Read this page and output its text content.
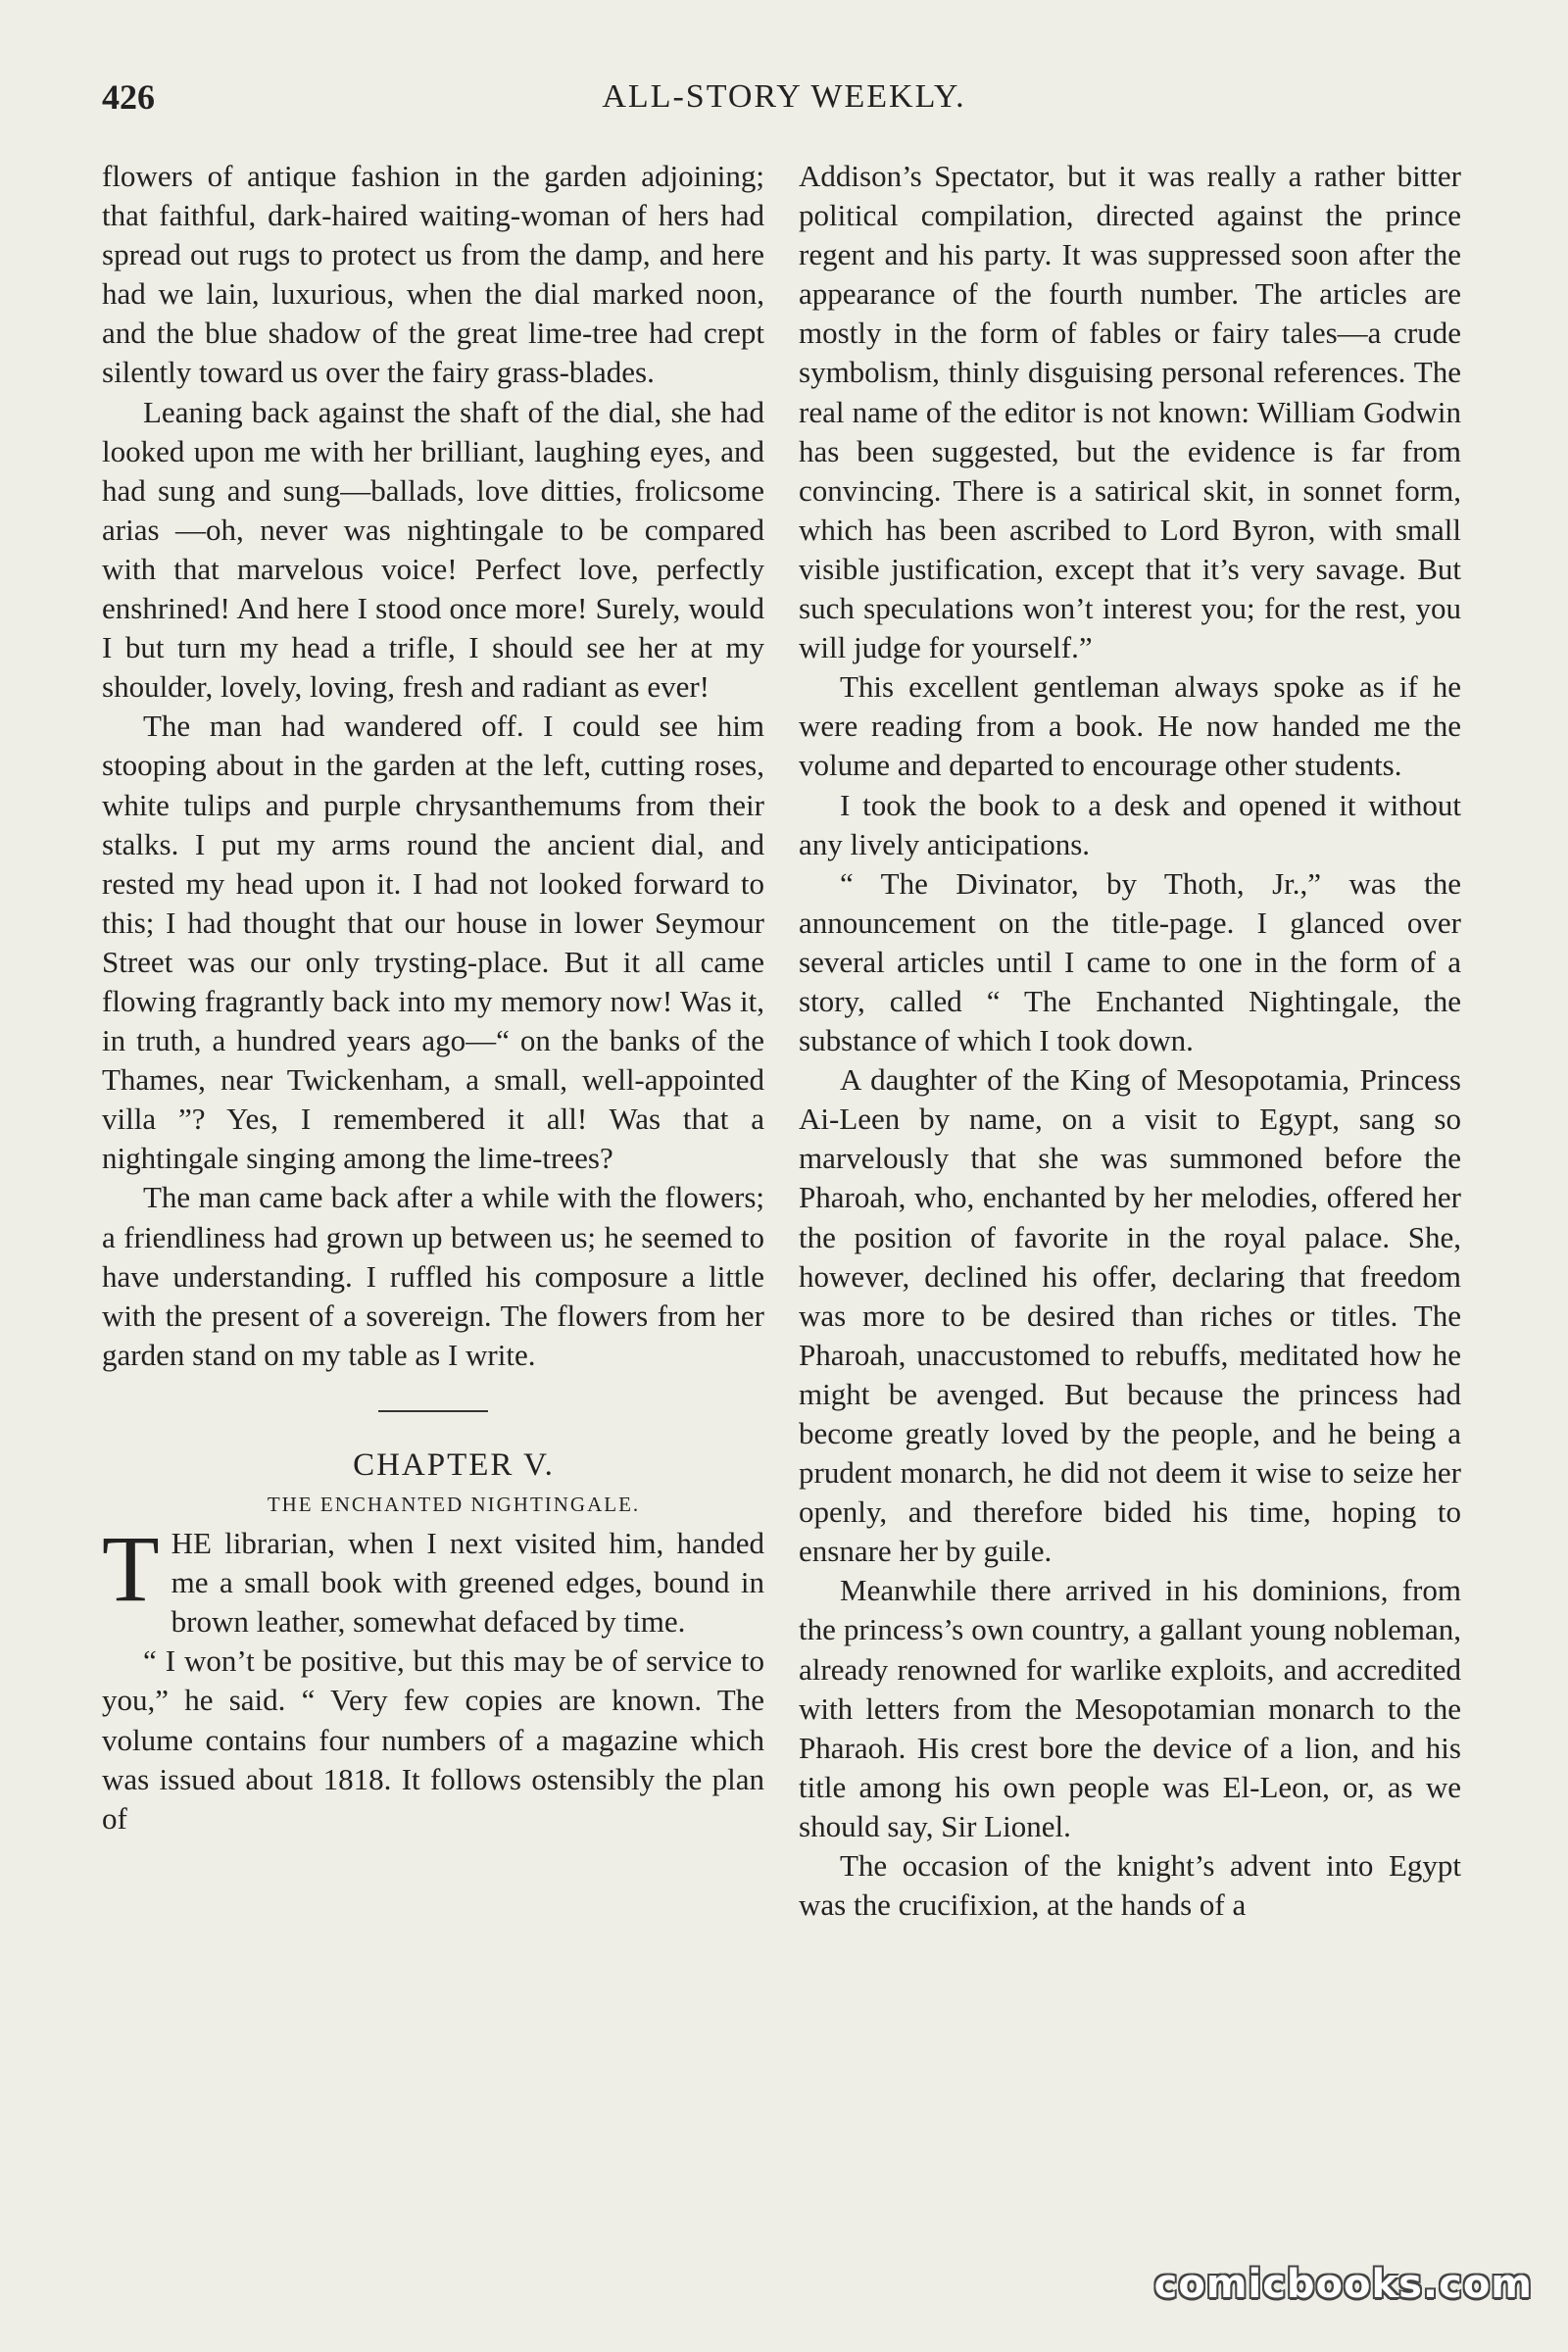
426	ALL-STORY WEEKLY.

flowers of antique fashion in the garden adjoining; that faithful, dark-haired waiting-woman of hers had spread out rugs to protect us from the damp, and here had we lain, luxurious, when the dial marked noon, and the blue shadow of the great lime-tree had crept silently toward us over the fairy grass-blades.

Leaning back against the shaft of the dial, she had looked upon me with her brilliant, laughing eyes, and had sung and sung—ballads, love ditties, frolicsome arias —oh, never was nightingale to be compared with that marvelous voice! Perfect love, perfectly enshrined! And here I stood once more! Surely, would I but turn my head a trifle, I should see her at my shoulder, lovely, loving, fresh and radiant as ever!

The man had wandered off. I could see him stooping about in the garden at the left, cutting roses, white tulips and purple chrysanthemums from their stalks. I put my arms round the ancient dial, and rested my head upon it. I had not looked forward to this; I had thought that our house in lower Seymour Street was our only trysting-place. But it all came flowing fragrantly back into my memory now! Was it, in truth, a hundred years ago—“ on the banks of the Thames, near Twickenham, a small, well-appointed villa ”? Yes, I remembered it all! Was that a nightingale singing among the lime-trees?

The man came back after a while with the flowers; a friendliness had grown up between us; he seemed to have understanding. I ruffled his composure a little with the present of a sovereign. The flowers from her garden stand on my table as I write.

CHAPTER V.

THE ENCHANTED NIGHTINGALE.

THE librarian, when I next visited him, handed me a small book with greened edges, bound in brown leather, somewhat defaced by time.

“ I won’t be positive, but this may be of service to you,” he said. “ Very few copies are known. The volume contains four numbers of a magazine which was issued about 1818. It follows ostensibly the plan of

Addison’s Spectator, but it was really a rather bitter political compilation, directed against the prince regent and his party. It was suppressed soon after the appearance of the fourth number. The articles are mostly in the form of fables or fairy tales—a crude symbolism, thinly disguising personal references. The real name of the editor is not known: William Godwin has been suggested, but the evidence is far from convincing. There is a satirical skit, in sonnet form, which has been ascribed to Lord Byron, with small visible justification, except that it’s very savage. But such speculations won’t interest you; for the rest, you will judge for yourself.”

This excellent gentleman always spoke as if he were reading from a book. He now handed me the volume and departed to encourage other students.

I took the book to a desk and opened it without any lively anticipations.

“ The Divinator, by Thoth, Jr.,” was the announcement on the title-page. I glanced over several articles until I came to one in the form of a story, called “ The Enchanted Nightingale, the substance of which I took down.

A daughter of the King of Mesopotamia, Princess Ai-Leen by name, on a visit to Egypt, sang so marvelously that she was summoned before the Pharoah, who, enchanted by her melodies, offered her the position of favorite in the royal palace. She, however, declined his offer, declaring that freedom was more to be desired than riches or titles. The Pharoah, unaccustomed to rebuffs, meditated how he might be avenged. But because the princess had become greatly loved by the people, and he being a prudent monarch, he did not deem it wise to seize her openly, and therefore bided his time, hoping to ensnare her by guile.

Meanwhile there arrived in his dominions, from the princess’s own country, a gallant young nobleman, already renowned for warlike exploits, and accredited with letters from the Mesopotamian monarch to the Pharaoh. His crest bore the device of a lion, and his title among his own people was El-Leon, or, as we should say, Sir Lionel.

The occasion of the knight’s advent into Egypt was the crucifixion, at the hands of a

comicbooks.com
